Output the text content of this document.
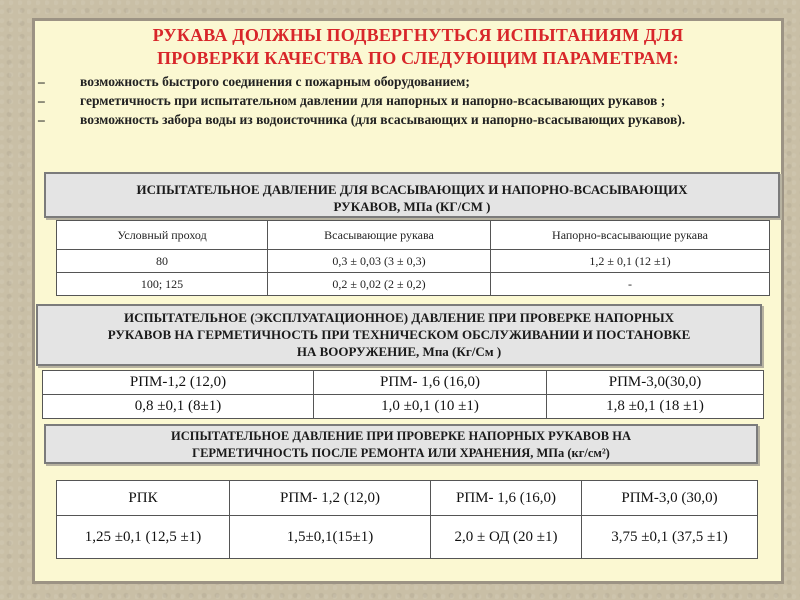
РУКАВА ДОЛЖНЫ ПОДВЕРГНУТЬСЯ ИСПЫТАНИЯМ ДЛЯ
ПРОВЕРКИ КАЧЕСТВА ПО СЛЕДУЮЩИМ ПАРАМЕТРАМ:
–	возможность быстрого соединения с пожарным оборудованием;
–	герметичность при испытательном давлении для напорных и напорно-всасывающих рукавов ;
–	возможность забора воды из водоисточника (для всасывающих и напорно-всасывающих рукавов).
ИСПЫТАТЕЛЬНОЕ ДАВЛЕНИЕ ДЛЯ ВСАСЫВАЮЩИХ И НАПОРНО-ВСАСЫВАЮЩИХ
РУКАВОВ, МПа (КГ/СМ )
Условный проход	Всасывающие рукава	Напорно-всасывающие рукава
80	0,3 ± 0,03 (3 ± 0,3)	1,2 ± 0,1 (12 ±1)
100; 125	0,2 ± 0,02 (2 ± 0,2)	-
ИСПЫТАТЕЛЬНОЕ (ЭКСПЛУАТАЦИОННОЕ) ДАВЛЕНИЕ ПРИ ПРОВЕРКЕ НАПОРНЫХ
РУКАВОВ НА ГЕРМЕТИЧНОСТЬ ПРИ ТЕХНИЧЕСКОМ ОБСЛУЖИВАНИИ И ПОСТАНОВКЕ
НА ВООРУЖЕНИЕ, Мпа (Кг/См )
РПМ-1,2 (12,0)	РПМ- 1,6 (16,0)	РПМ-3,0(30,0)
0,8 ±0,1 (8±1)	1,0 ±0,1 (10 ±1)	1,8 ±0,1 (18 ±1)
ИСПЫТАТЕЛЬНОЕ ДАВЛЕНИЕ ПРИ ПРОВЕРКЕ НАПОРНЫХ РУКАВОВ НА
ГЕРМЕТИЧНОСТЬ ПОСЛЕ РЕМОНТА ИЛИ ХРАНЕНИЯ, МПа (кг/см²)
РПК	РПМ- 1,2 (12,0)	РПМ- 1,6 (16,0)	РПМ-3,0 (30,0)
1,25 ±0,1 (12,5 ±1)	1,5±0,1(15±1)	2,0 ± ОД (20 ±1)	3,75 ±0,1 (37,5 ±1)
